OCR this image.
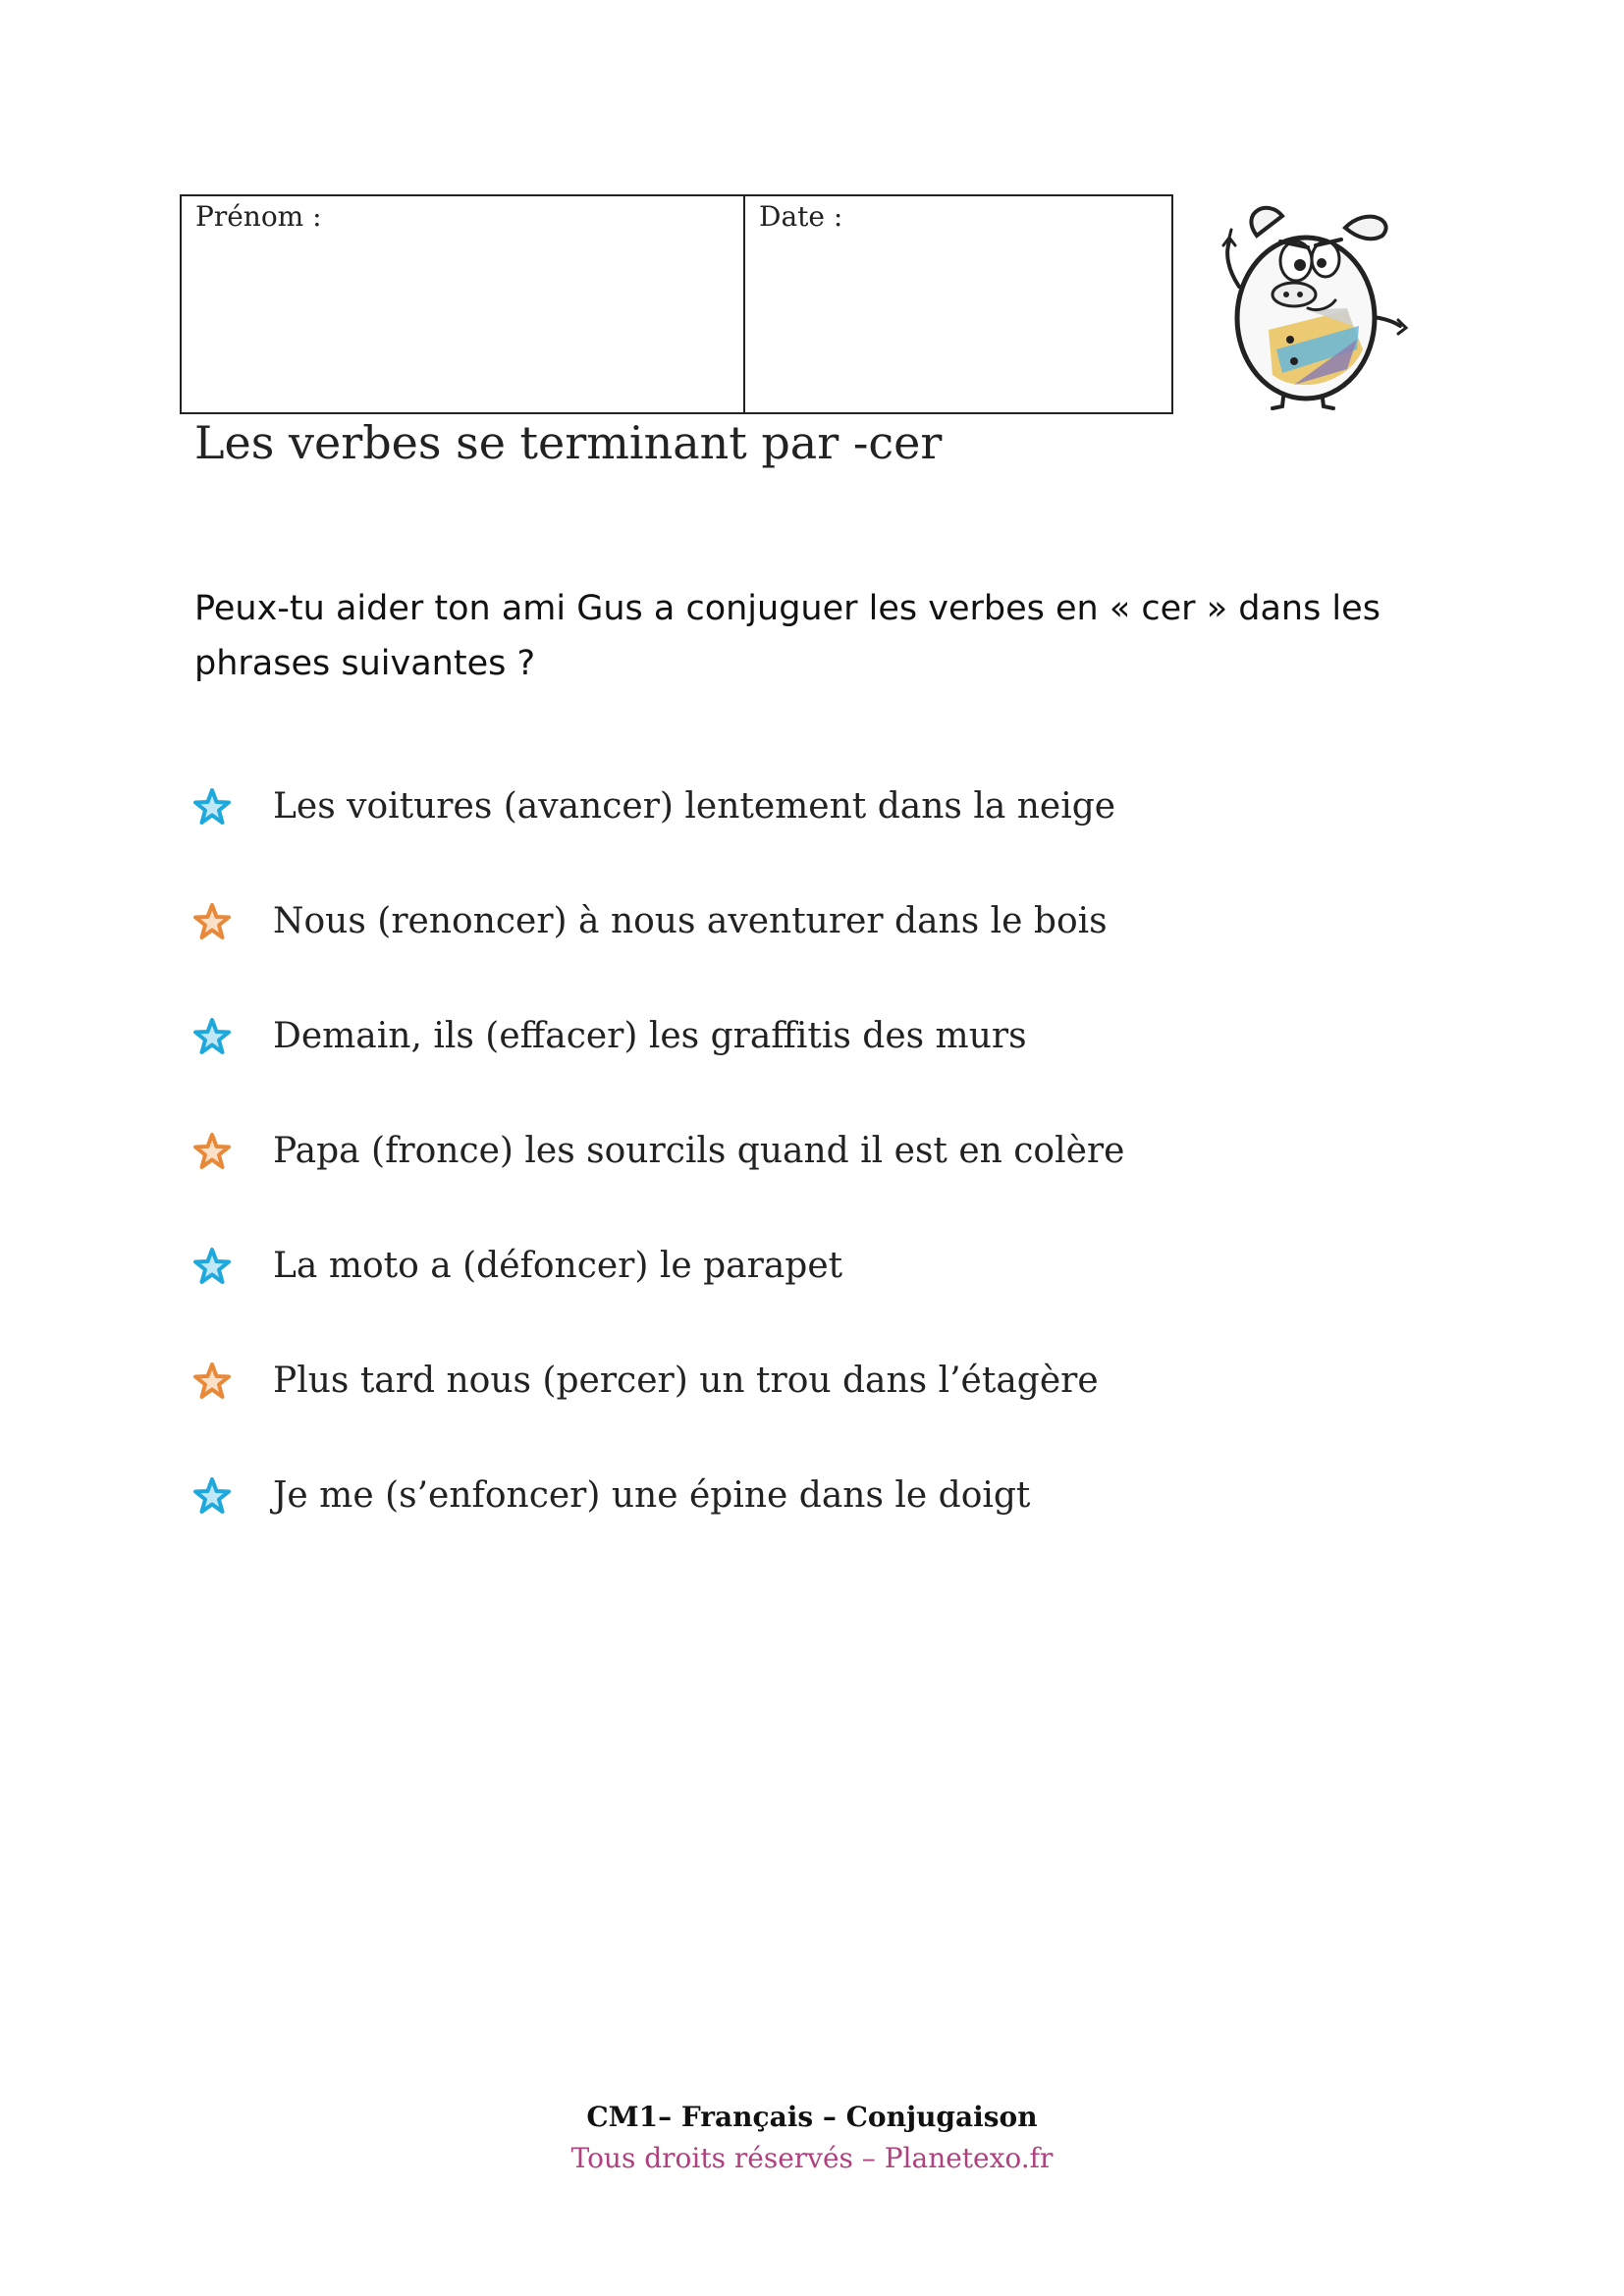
Prénom :	Date :
Les verbes se terminant par -cer

Peux-tu aider ton ami Gus a conjuguer les verbes en « cer » dans les phrases suivantes ?

Les voitures (avancer) lentement dans la neige
Nous (renoncer) à nous aventurer dans le bois
Demain, ils (effacer) les graffitis des murs
Papa (fronce) les sourcils quand il est en colère
La moto a (défoncer) le parapet
Plus tard nous (percer) un trou dans l’étagère
Je me (s’enfoncer) une épine dans le doigt
CM1– Français – Conjugaison
Tous droits réservés – Planetexo.fr
